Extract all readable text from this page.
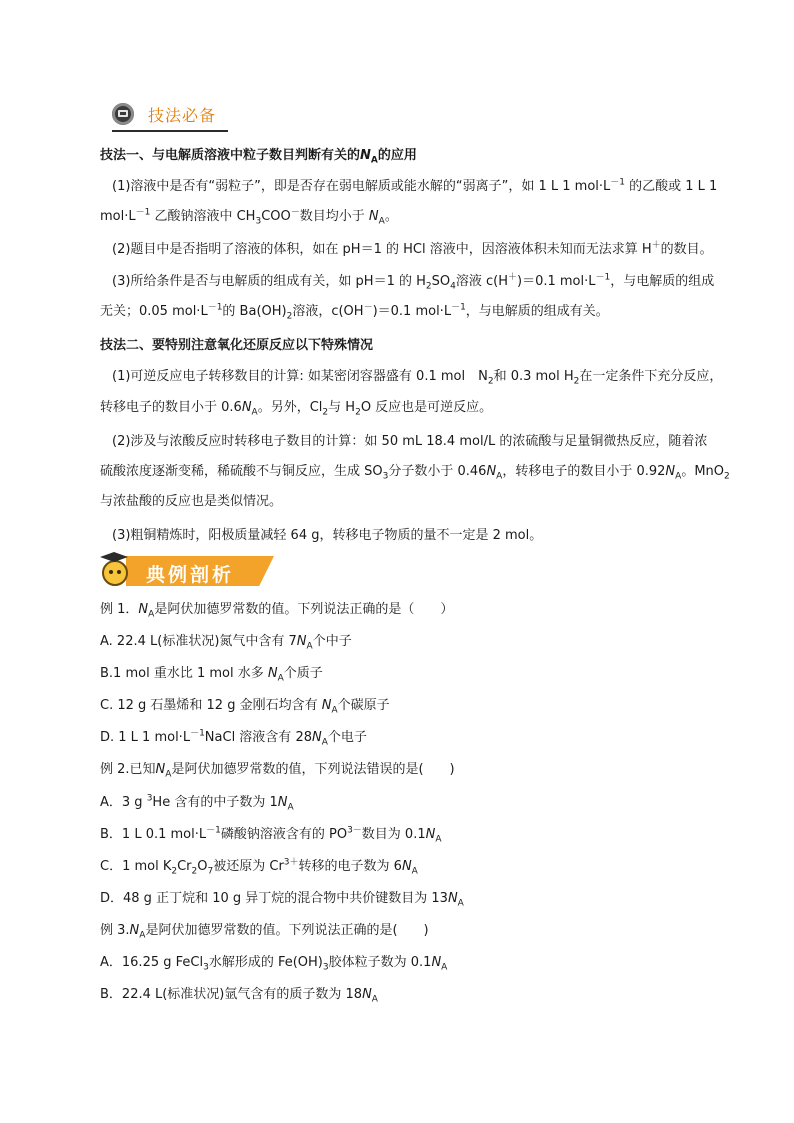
技法必备
技法一、与电解质溶液中粒子数目判断有关的$N_A$的应用
(1)溶液中是否有“弱粒子”，即是否存在弱电解质或能水解的“弱离子”，如 1 L 1 $mol\cdot L^{-1}$ 的乙酸或 1 L 1
$mol\cdot L^{-1}$ 乙酸钠溶液中 $CH_3COO^-$数目均小于 $N_A$。
(2)题目中是否指明了溶液的体积，如在 pH＝1 的 HCl 溶液中，因溶液体积未知而无法求算 H＋的数目。
(3)所给条件是否与电解质的组成有关，如 pH＝1 的 $H_2SO_4$溶液 c(H＋)＝0.1 $mol\cdot L^{-1}$，与电解质的组成
无关；0.05 $mol\cdot L^{-1}$的 $Ba(OH)_2$溶液，c(OH－)＝0.1 $mol\cdot L^{-1}$，与电解质的组成有关。
技法二、要特别注意氧化还原反应以下特殊情况
(1)可逆反应电子转移数目的计算: 如某密闭容器盛有 0.1 mol　$N_2$和 0.3 mol $H_2$在一定条件下充分反应，
转移电子的数目小于 $0.6N_A$。另外，$Cl_2$与 $H_2O$ 反应也是可逆反应。
(2)涉及与浓酸反应时转移电子数目的计算：如 50 mL 18.4 mol/L 的浓硫酸与足量铜微热反应，随着浓
硫酸浓度逐渐变稀，稀硫酸不与铜反应，生成 $SO_3$分子数小于 $0.46N_A$，转移电子的数目小于 $0.92N_A$。MnO$_2$
与浓盐酸的反应也是类似情况。
(3)粗铜精炼时，阳极质量减轻 64 g，转移电子物质的量不一定是 2 mol。
典例剖析
例 1．$N_A$是阿伏加德罗常数的值。下列说法正确的是（　　）
A. 22.4 L(标准状况)氮气中含有 $7N_A$个中子
B.1 mol 重水比 1 mol 水多 $N_A$个质子
C. 12 g 石墨烯和 12 g 金刚石均含有 $N_A$个碳原子
D. 1 L 1 $mol\cdot L^{-1}NaCl$ 溶液含有 $28N_A$个电子
例 2.已知$N_A$是阿伏加德罗常数的值，下列说法错误的是(　　)
A．3 g $^3$He 含有的中子数为 $1N_A$
B．1 L 0.1 $mol\cdot L^{-1}$磷酸钠溶液含有的 $PO^{3-}$数目为 $0.1N_A$
C．1 mol $K_2Cr_2O_7$被还原为 $Cr^{3+}$转移的电子数为 $6N_A$
D．48 g 正丁烷和 10 g 异丁烷的混合物中共价键数目为 $13N_A$
例 $3.N_A$是阿伏加德罗常数的值。下列说法正确的是(　　)
A．16.25 g FeCl$_3$水解形成的 $Fe(OH)_3$胶体粒子数为 $0.1N_A$
B．22.4 L(标准状况)氩气含有的质子数为 $18N_A$
